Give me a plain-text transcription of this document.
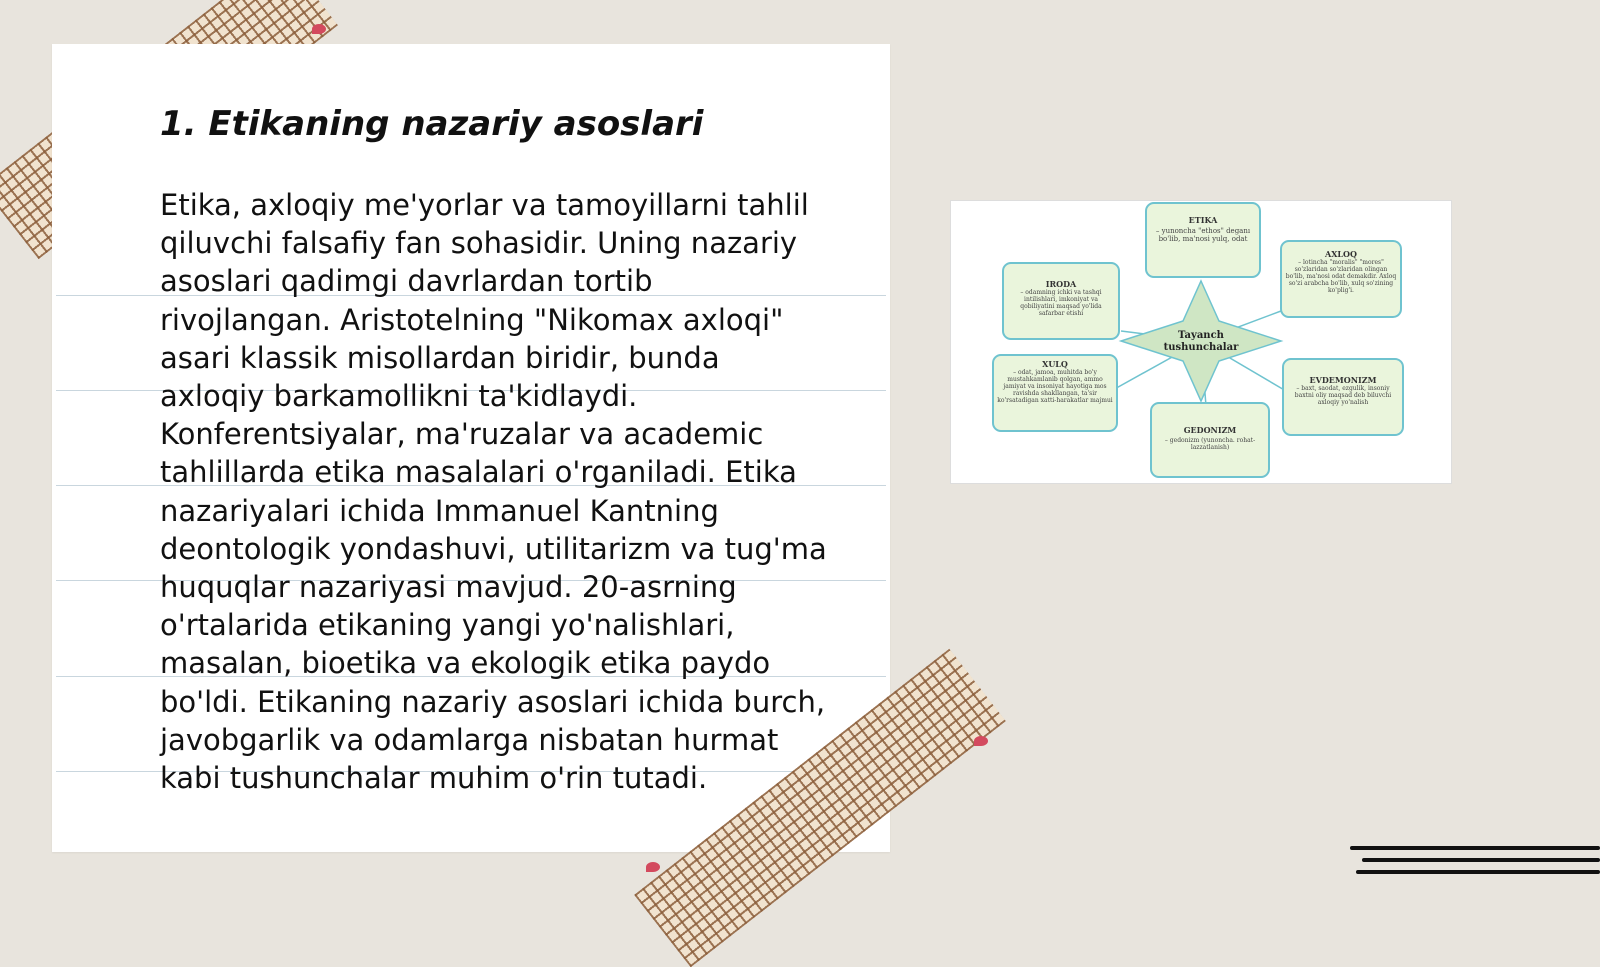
1. Etikaning nazariy asoslari

Etika, axloqiy me'yorlar va tamoyillarni tahlil qiluvchi falsafiy fan sohasidir. Uning nazariy asoslari qadimgi davrlardan tortib rivojlangan. Aristotelning "Nikomax axloqi" asari klassik misollardan biridir, bunda axloqiy barkamollikni ta'kidlaydi. Konferentsiyalar, ma'ruzalar va academic tahlillarda etika masalalari o'rganiladi. Etika nazariyalari ichida Immanuel Kantning deontologik yondashuvi, utilitarizm va tug'ma huquqlar nazariyasi mavjud. 20-asrning o'rtalarida etikaning yangi yo'nalishlari, masalan, bioetika va ekologik etika paydo bo'ldi. Etikaning nazariy asoslari ichida burch, javobgarlik va odamlarga nisbatan hurmat kabi tushunchalar muhim o'rin tutadi.

Tayanch
tushunchalar
ETIKA
– yunoncha "ethos" deganı bo'lib, ma'nosi yulq, odat
AXLOQ
– lotincha "moralis" "mores" so'zlaridan so'zlaridan olingan bo'lib, ma'nosi odat demakdir. Axloq so'zi arabcha bo'lib, xulq so'zining ko'plig'i.
IRODA
– odamning ichki va tashqi intilishlari, imkoniyat va qobiliyatini maqsad yo'lida safarbar etishi
XULQ
– odat, jamoa, muhitda bo'y mustahkamlanib qolgan, ammo jamiyat va insoniyat hayotiga mos ravishda shakllangan, ta'sir ko'rsatadigan xatti-harakatlar majmui
EVDEMONIZM
– baxt, saodat, ezgulik, insoniy baxtni oliy maqsad deb biluvchi axloqiy yo'nalish
GEDONIZM
– gedonizm (yunoncha. rohat-lazzatlanish)
